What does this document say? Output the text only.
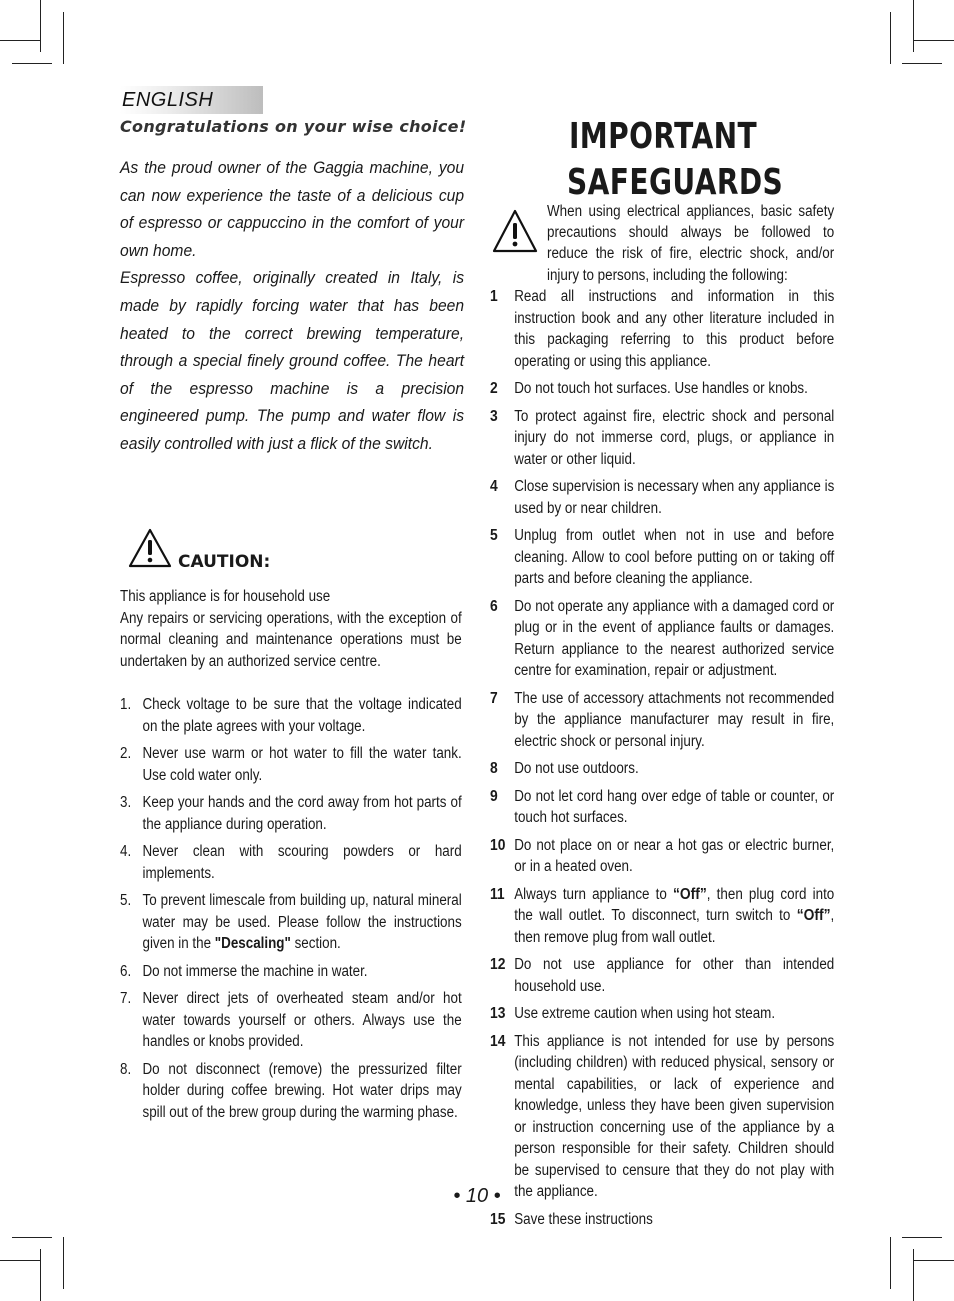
ENGLISH
Congratulations on your wise choice!

As the proud owner of the Gaggia machine, you can now experience the taste of a delicious cup of espresso or cappuccino in the comfort of your own home.

Espresso coffee, originally created in Italy, is made by rapidly forcing water that has been heated to the correct brewing temperature, through a special finely ground coffee. The heart of the espresso machine is a precision engineered pump. The pump and water flow is easily controlled with just a flick of the switch.

CAUTION:

This appliance is for household use

Any repairs or servicing operations, with the exception of normal cleaning and maintenance operations must be undertaken by an authorized service centre.

1. Check voltage to be sure that the voltage indicated on the plate agrees with your voltage.
2. Never use warm or hot water to fill the water tank. Use cold water only.
3. Keep your hands and the cord away from hot parts of the appliance during operation.
4. Never clean with scouring powders or hard implements.
5. To prevent limescale from building up, natural mineral water may be used. Please follow the instructions given in the "Descaling" section.
6. Do not immerse the machine in water.
7. Never direct jets of overheated steam and/or hot water towards yourself or others. Always use the handles or knobs provided.
8. Do not disconnect (remove) the pressurized filter holder during coffee brewing. Hot water drips may spill out of the brew group during the warming phase.
IMPORTANT
SAFEGUARDS

When using electrical appliances, basic safety precautions should always be followed to reduce the risk of fire, electric shock, and/or injury to persons, including the following:

1 Read all instructions and information in this instruction book and any other literature included in this packaging referring to this product before operating or using this appliance.
2 Do not touch hot surfaces. Use handles or knobs.
3 To protect against fire, electric shock and personal injury do not immerse cord, plugs, or appliance in water or other liquid.
4 Close supervision is necessary when any appliance is used by or near children.
5 Unplug from outlet when not in use and before cleaning. Allow to cool before putting on or taking off parts and before cleaning the appliance.
6 Do not operate any appliance with a damaged cord or plug or in the event of appliance faults or damages. Return appliance to the nearest authorized service centre for examination, repair or adjustment.
7 The use of accessory attachments not recommended by the appliance manufacturer may result in fire, electric shock or personal injury.
8 Do not use outdoors.
9 Do not let cord hang over edge of table or counter, or touch hot surfaces.
10 Do not place on or near a hot gas or electric burner, or in a heated oven.
11 Always turn appliance to “Off”, then plug cord into the wall outlet. To disconnect, turn switch to “Off”, then remove plug from wall outlet.
12 Do not use appliance for other than intended household use.
13 Use extreme caution when using hot steam.
14 This appliance is not intended for use by persons (including children) with reduced physical, sensory or mental capabilities, or lack of experience and knowledge, unless they have been given supervision or instruction concerning use of the appliance by a person responsible for their safety. Children should be supervised to censure that they do not play with the appliance.
15 Save these instructions
• 10 •
